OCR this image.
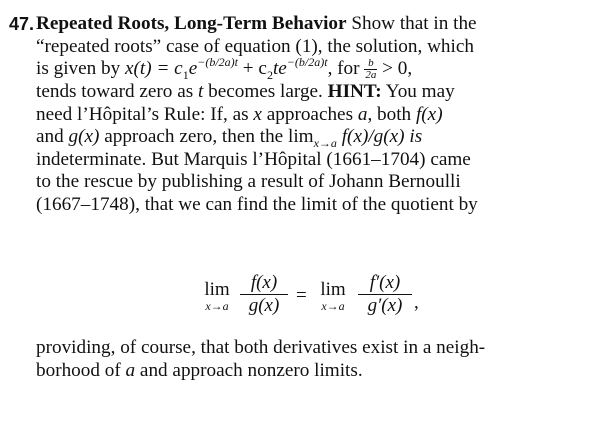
47. Repeated Roots, Long-Term Behavior Show that in the
“repeated roots” case of equation (1), the solution, which
is given by $x(t) = c_1e^{-(b/2a)t} + c_2te^{-(b/2a)t}$, for $\frac{b}{2a} > 0$,
tends toward zero as t becomes large. HINT: You may
need l’Hôpital’s Rule: If, as x approaches a, both f(x)
and g(x) approach zero, then the $\lim_{x\to a} f(x)/g(x)$ is
indeterminate. But Marquis l’Hôpital (1661–1704) came
to the rescue by publishing a result of Johann Bernoulli
(1667–1748), that we can find the limit of the quotient by
lim
x→a
f(x)
g(x) = lim
x→a
f′(x)
g′(x) ,
providing, of course, that both derivatives exist in a neigh-
borhood of a and approach nonzero limits.
